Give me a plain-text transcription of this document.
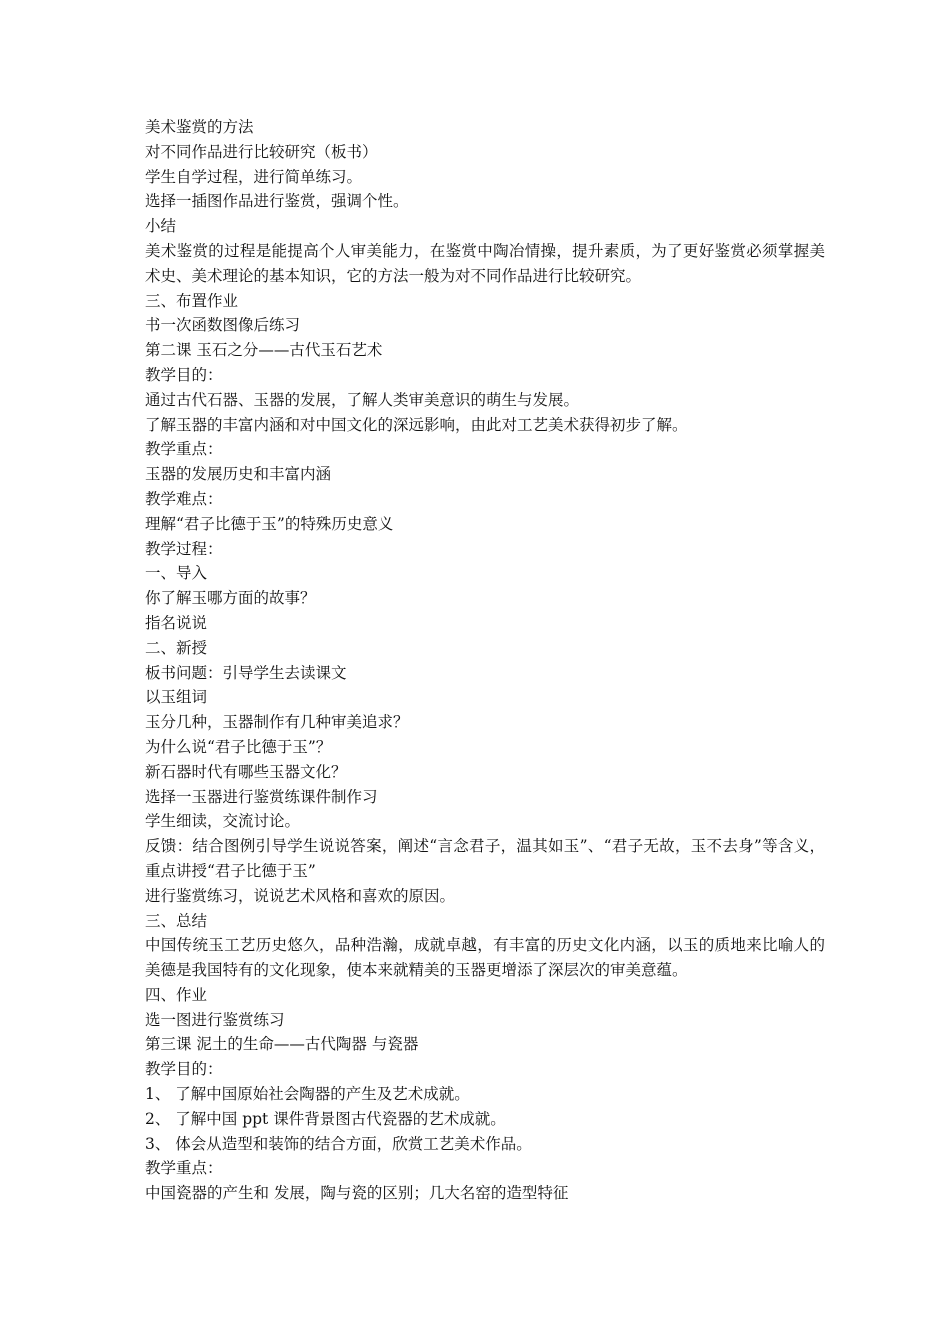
美术鉴赏的方法
对不同作品进行比较研究（板书）
学生自学过程，进行简单练习。
选择一插图作品进行鉴赏，强调个性。
小结
美术鉴赏的过程是能提高个人审美能力，在鉴赏中陶冶情操，提升素质，为了更好鉴赏必须掌握美术史、美术理论的基本知识，它的方法一般为对不同作品进行比较研究。
三、布置作业
书一次函数图像后练习
第二课 玉石之分——古代玉石艺术
教学目的：
通过古代石器、玉器的发展，了解人类审美意识的萌生与发展。
了解玉器的丰富内涵和对中国文化的深远影响，由此对工艺美术获得初步了解。
教学重点：
玉器的发展历史和丰富内涵
教学难点：
理解“君子比德于玉”的特殊历史意义
教学过程：
一、导入
你了解玉哪方面的故事？
指名说说
二、新授
板书问题：引导学生去读课文
以玉组词
玉分几种，玉器制作有几种审美追求？
为什么说“君子比德于玉”？
新石器时代有哪些玉器文化？
选择一玉器进行鉴赏练课件制作习
学生细读，交流讨论。
反馈：结合图例引导学生说说答案，阐述“言念君子，温其如玉”、“君子无故，玉不去身”等含义，重点讲授“君子比德于玉”
进行鉴赏练习，说说艺术风格和喜欢的原因。
三、总结
中国传统玉工艺历史悠久，品种浩瀚，成就卓越，有丰富的历史文化内涵，以玉的质地来比喻人的美德是我国特有的文化现象，使本来就精美的玉器更增添了深层次的审美意蕴。
四、作业
选一图进行鉴赏练习
第三课 泥土的生命——古代陶器 与瓷器
教学目的：
1、 了解中国原始社会陶器的产生及艺术成就。
2、 了解中国 ppt 课件背景图古代瓷器的艺术成就。
3、 体会从造型和装饰的结合方面，欣赏工艺美术作品。
教学重点：
中国瓷器的产生和 发展，陶与瓷的区别；几大名窑的造型特征
